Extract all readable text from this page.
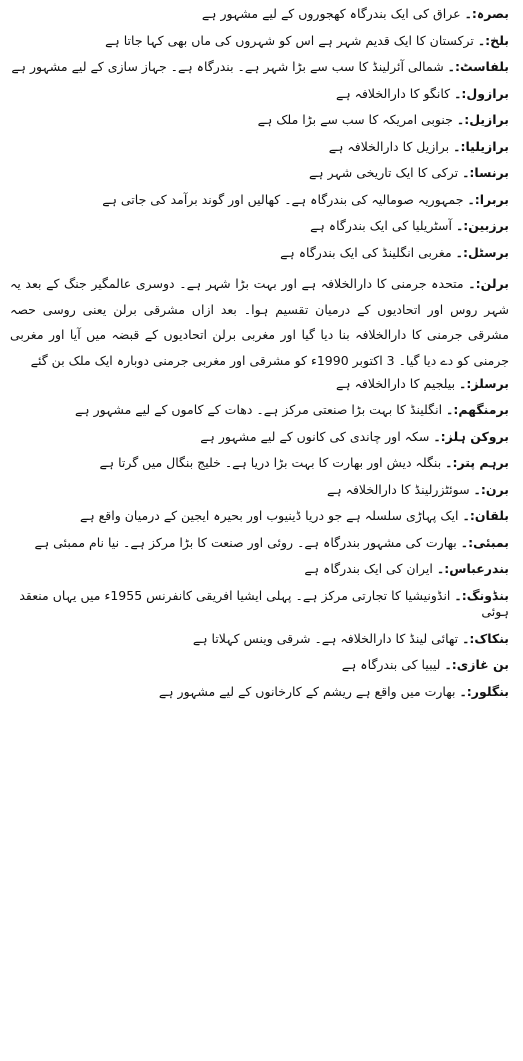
بصرہ:۔ عراق کی ایک بندرگاہ کھجوروں کے لیے مشہور ہے
بلخ:۔ ترکستان کا ایک قدیم شہر ہے اس کو شہروں کی ماں بھی کہا جاتا ہے
بلفاسٹ:۔ شمالی آئرلینڈ کا سب سے بڑا شہر ہے۔ بندرگاہ ہے۔ جہاز سازی کے لیے مشہور ہے
برازول:۔ کانگو کا دارالخلافہ ہے
برازیل:۔ جنوبی امریکہ کا سب سے بڑا ملک ہے
برازیلیا:۔ برازیل کا دارالخلافہ ہے
برنسا:۔ ترکی کا ایک تاریخی شہر ہے
بربرا:۔ جمہوریہ صومالیہ کی بندرگاہ ہے۔ کھالیں اور گوند برآمد کی جاتی ہے
برزبین:۔ آسٹریلیا کی ایک بندرگاہ ہے
برسٹل:۔ مغربی انگلینڈ کی ایک بندرگاہ ہے
برلن:۔ متحدہ جرمنی کا دارالخلافہ ہے اور بہت بڑا شہر ہے۔ دوسری عالمگیر جنگ کے بعد یہ شہر روس اور اتحادیوں کے درمیان تقسیم ہوا۔ بعد ازاں مشرقی برلن یعنی روسی حصہ مشرقی جرمنی کا دارالخلافہ بنا دیا گیا اور مغربی برلن اتحادیوں کے قبضہ میں آیا اور مغربی جرمنی کو دے دیا گیا۔ 3 اکتوبر 1990ء کو مشرقی اور مغربی جرمنی دوبارہ ایک ملک بن گئے
برسلز:۔ بیلجیم کا دارالخلافہ ہے
برمنگھم:۔ انگلینڈ کا بہت بڑا صنعتی مرکز ہے۔ دھات کے کاموں کے لیے مشہور ہے
بروکن ہلز:۔ سکہ اور چاندی کی کانوں کے لیے مشہور ہے
برہم پتر:۔ بنگلہ دیش اور بھارت کا بہت بڑا دریا ہے۔ خلیج بنگال میں گرتا ہے
برن:۔ سوئٹزرلینڈ کا دارالخلافہ ہے
بلقان:۔ ایک پہاڑی سلسلہ ہے جو دریا ڈینیوب اور بحیرہ ایجین کے درمیان واقع ہے
بمبئی:۔ بھارت کی مشہور بندرگاہ ہے۔ روئی اور صنعت کا بڑا مرکز ہے۔ نیا نام ممبئی ہے
بندرعباس:۔ ایران کی ایک بندرگاہ ہے
بنڈونگ:۔ انڈونیشیا کا تجارتی مرکز ہے۔ پہلی ایشیا افریقی کانفرنس 1955ء میں یہاں منعقد ہوئی
بنکاک:۔ تھائی لینڈ کا دارالخلافہ ہے۔ شرقی وینس کہلاتا ہے
بن غازی:۔ لیبیا کی بندرگاہ ہے
بنگلور:۔ بھارت میں واقع ہے ریشم کے کارخانوں کے لیے مشہور ہے
